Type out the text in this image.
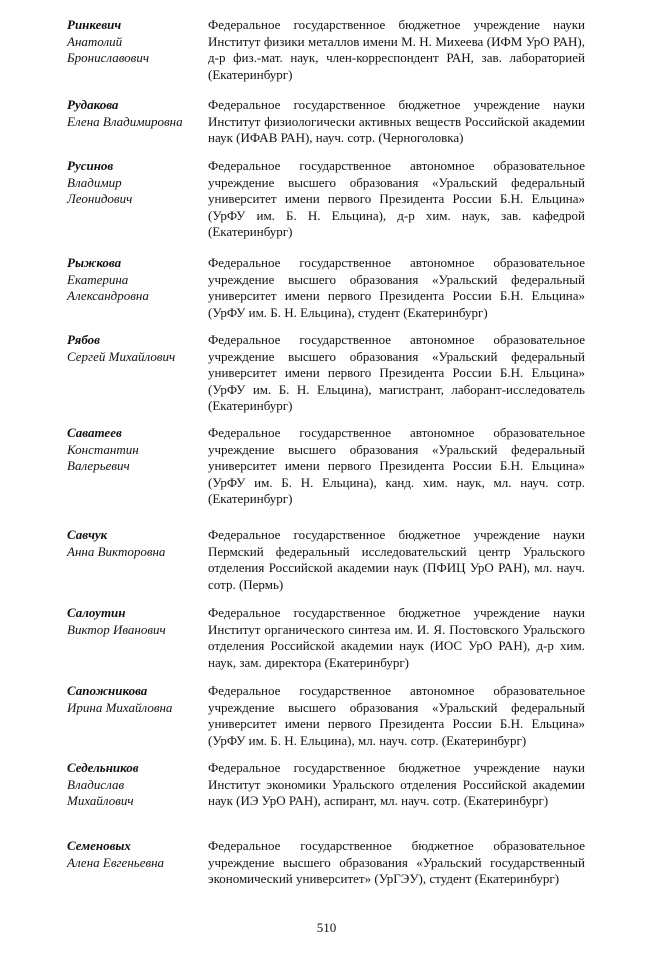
Ринкевич
Анатолий
Брониславович
Федеральное государственное бюджетное учреждение науки Институт физики металлов имени М. Н. Михеева (ИФМ УрО РАН), д-р физ.-мат. наук, член-корреспондент РАН, зав. лабораторией (Екатеринбург)
Рудакова
Елена Владимировна
Федеральное государственное бюджетное учреждение науки Институт физиологически активных веществ Российской академии наук (ИФАВ РАН), науч. сотр. (Черноголовка)
Русинов
Владимир
Леонидович
Федеральное государственное автономное образовательное учреждение высшего образования «Уральский федеральный университет имени первого Президента России Б.Н. Ельцина» (УрФУ им. Б. Н. Ельцина), д-р хим. наук, зав. кафедрой (Екатеринбург)
Рыжкова
Екатерина
Александровна
Федеральное государственное автономное образовательное учреждение высшего образования «Уральский федеральный университет имени первого Президента России Б.Н. Ельцина» (УрФУ им. Б. Н. Ельцина), студент (Екатеринбург)
Рябов
Сергей Михайлович
Федеральное государственное автономное образовательное учреждение высшего образования «Уральский федеральный университет имени первого Президента России Б.Н. Ельцина» (УрФУ им. Б. Н. Ельцина), магистрант, лаборант-исследователь (Екатеринбург)
Саватеев
Константин
Валерьевич
Федеральное государственное автономное образовательное учреждение высшего образования «Уральский федеральный университет имени первого Президента России Б.Н. Ельцина» (УрФУ им. Б. Н. Ельцина), канд. хим. наук, мл. науч. сотр. (Екатеринбург)
Савчук
Анна Викторовна
Федеральное государственное бюджетное учреждение науки Пермский федеральный исследовательский центр Уральского отделения Российской академии наук (ПФИЦ УрО РАН), мл. науч. сотр. (Пермь)
Салоутин
Виктор Иванович
Федеральное государственное бюджетное учреждение науки Институт органического синтеза им. И. Я. Постовского Уральского отделения Российской академии наук (ИОС УрО РАН), д-р хим. наук, зам. директора (Екатеринбург)
Сапожникова
Ирина Михайловна
Федеральное государственное автономное образовательное учреждение высшего образования «Уральский федеральный университет имени первого Президента России Б.Н. Ельцина» (УрФУ им. Б. Н. Ельцина), мл. науч. сотр. (Екатеринбург)
Седельников
Владислав
Михайлович
Федеральное государственное бюджетное учреждение науки Институт экономики Уральского отделения Российской академии наук (ИЭ УрО РАН), аспирант, мл. науч. сотр. (Екатеринбург)
Семеновых
Алена Евгеньевна
Федеральное государственное бюджетное образовательное учреждение высшего образования «Уральский государственный экономический университет» (УрГЭУ), студент (Екатеринбург)
510
